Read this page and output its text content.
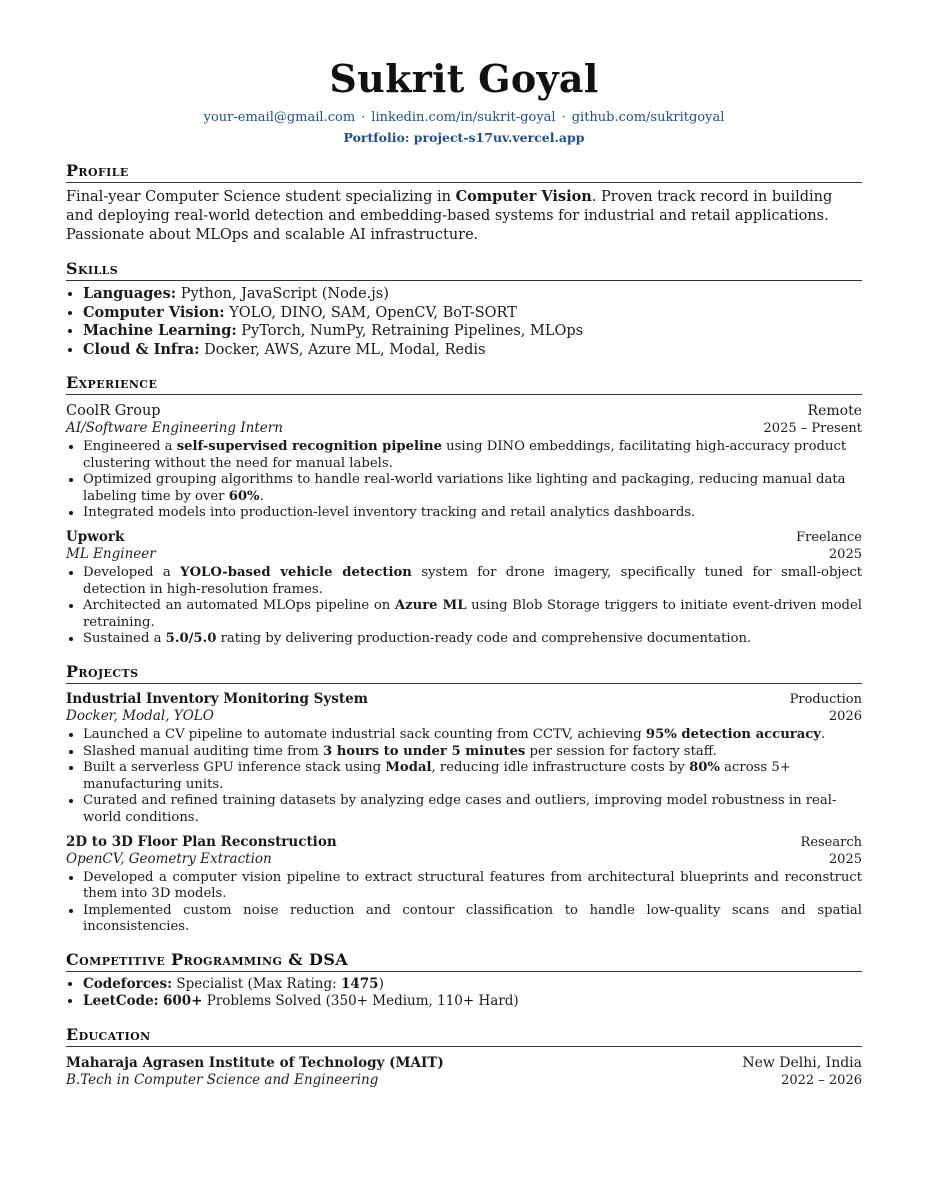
Sukrit Goyal
your-email@gmail.com · linkedin.com/in/sukrit-goyal · github.com/sukritgoyal
Portfolio: project-s17uv.vercel.app
Profile

Final-year Computer Science student specializing in Computer Vision. Proven track record in building and deploying real-world detection and embedding-based systems for industrial and retail applications. Passionate about MLOps and scalable AI infrastructure.

Skills
• Languages: Python, JavaScript (Node.js)
• Computer Vision: YOLO, DINO, SAM, OpenCV, BoT-SORT
• Machine Learning: PyTorch, NumPy, Retraining Pipelines, MLOps
• Cloud & Infra: Docker, AWS, Azure ML, Modal, Redis
Experience
CoolR Group	Remote
AI/Software Engineering Intern	2025 – Present
• Engineered a self-supervised recognition pipeline using DINO embeddings, facilitating high-accuracy product clustering without the need for manual labels.
• Optimized grouping algorithms to handle real-world variations like lighting and packaging, reducing manual data labeling time by over 60%.
• Integrated models into production-level inventory tracking and retail analytics dashboards.
Upwork	Freelance
ML Engineer	2025
• Developed a YOLO-based vehicle detection system for drone imagery, specifically tuned for small-object detection in high-resolution frames.
• Architected an automated MLOps pipeline on Azure ML using Blob Storage triggers to initiate event-driven model retraining.
• Sustained a 5.0/5.0 rating by delivering production-ready code and comprehensive documentation.
Projects
Industrial Inventory Monitoring System	Production
Docker, Modal, YOLO	2026
• Launched a CV pipeline to automate industrial sack counting from CCTV, achieving 95% detection accuracy.
• Slashed manual auditing time from 3 hours to under 5 minutes per session for factory staff.
• Built a serverless GPU inference stack using Modal, reducing idle infrastructure costs by 80% across 5+ manufacturing units.
• Curated and refined training datasets by analyzing edge cases and outliers, improving model robustness in real-world conditions.
2D to 3D Floor Plan Reconstruction	Research
OpenCV, Geometry Extraction	2025
• Developed a computer vision pipeline to extract structural features from architectural blueprints and reconstruct them into 3D models.
• Implemented custom noise reduction and contour classification to handle low-quality scans and spatial inconsistencies.
Competitive Programming & DSA
• Codeforces: Specialist (Max Rating: 1475)
• LeetCode: 600+ Problems Solved (350+ Medium, 110+ Hard)
Education
Maharaja Agrasen Institute of Technology (MAIT)	New Delhi, India
B.Tech in Computer Science and Engineering	2022 – 2026
